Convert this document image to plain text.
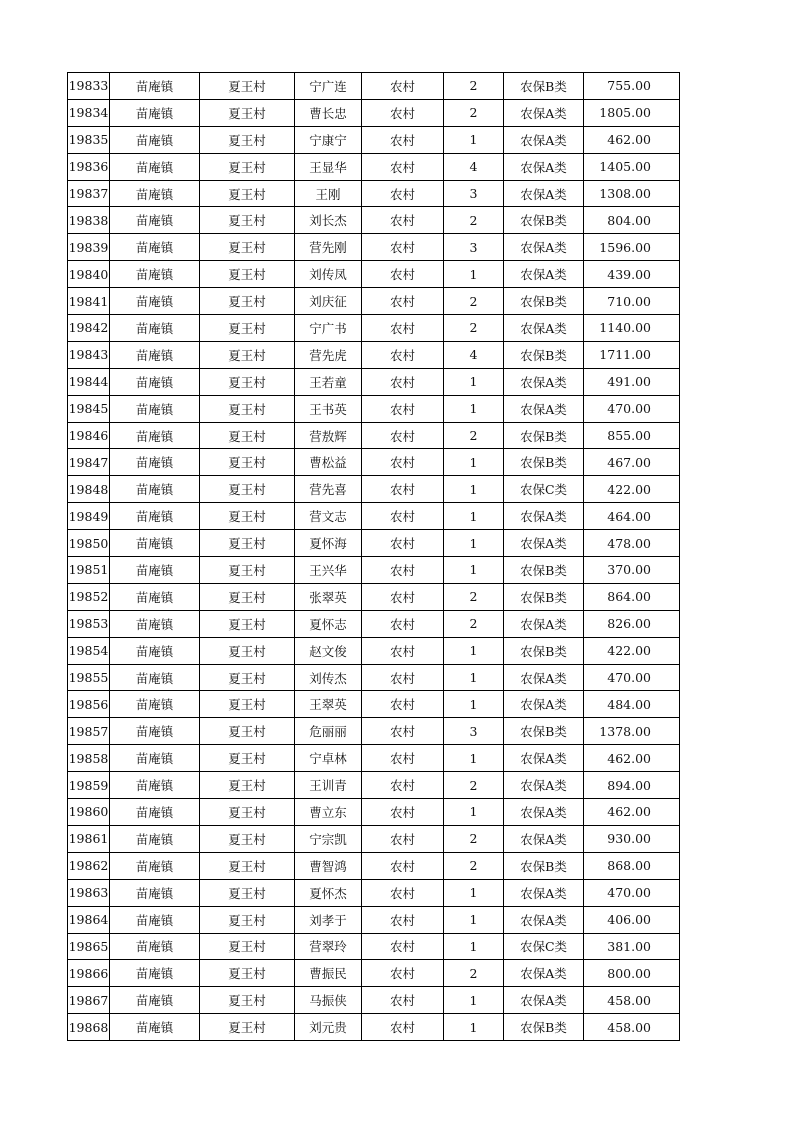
19833	苗庵镇	夏王村	宁广连	农村	2	农保B类	755.00
19834	苗庵镇	夏王村	曹长忠	农村	2	农保A类	1805.00
19835	苗庵镇	夏王村	宁康宁	农村	1	农保A类	462.00
19836	苗庵镇	夏王村	王显华	农村	4	农保A类	1405.00
19837	苗庵镇	夏王村	王刚	农村	3	农保A类	1308.00
19838	苗庵镇	夏王村	刘长杰	农村	2	农保B类	804.00
19839	苗庵镇	夏王村	营先刚	农村	3	农保A类	1596.00
19840	苗庵镇	夏王村	刘传凤	农村	1	农保A类	439.00
19841	苗庵镇	夏王村	刘庆征	农村	2	农保B类	710.00
19842	苗庵镇	夏王村	宁广书	农村	2	农保A类	1140.00
19843	苗庵镇	夏王村	营先虎	农村	4	农保B类	1711.00
19844	苗庵镇	夏王村	王若童	农村	1	农保A类	491.00
19845	苗庵镇	夏王村	王书英	农村	1	农保A类	470.00
19846	苗庵镇	夏王村	营敖辉	农村	2	农保B类	855.00
19847	苗庵镇	夏王村	曹松益	农村	1	农保B类	467.00
19848	苗庵镇	夏王村	营先喜	农村	1	农保C类	422.00
19849	苗庵镇	夏王村	营文志	农村	1	农保A类	464.00
19850	苗庵镇	夏王村	夏怀海	农村	1	农保A类	478.00
19851	苗庵镇	夏王村	王兴华	农村	1	农保B类	370.00
19852	苗庵镇	夏王村	张翠英	农村	2	农保B类	864.00
19853	苗庵镇	夏王村	夏怀志	农村	2	农保A类	826.00
19854	苗庵镇	夏王村	赵文俊	农村	1	农保B类	422.00
19855	苗庵镇	夏王村	刘传杰	农村	1	农保A类	470.00
19856	苗庵镇	夏王村	王翠英	农村	1	农保A类	484.00
19857	苗庵镇	夏王村	危丽丽	农村	3	农保B类	1378.00
19858	苗庵镇	夏王村	宁卓林	农村	1	农保A类	462.00
19859	苗庵镇	夏王村	王训青	农村	2	农保A类	894.00
19860	苗庵镇	夏王村	曹立东	农村	1	农保A类	462.00
19861	苗庵镇	夏王村	宁宗凯	农村	2	农保A类	930.00
19862	苗庵镇	夏王村	曹智鸿	农村	2	农保B类	868.00
19863	苗庵镇	夏王村	夏怀杰	农村	1	农保A类	470.00
19864	苗庵镇	夏王村	刘孝于	农村	1	农保A类	406.00
19865	苗庵镇	夏王村	营翠玲	农村	1	农保C类	381.00
19866	苗庵镇	夏王村	曹振民	农村	2	农保A类	800.00
19867	苗庵镇	夏王村	马振侠	农村	1	农保A类	458.00
19868	苗庵镇	夏王村	刘元贵	农村	1	农保B类	458.00
